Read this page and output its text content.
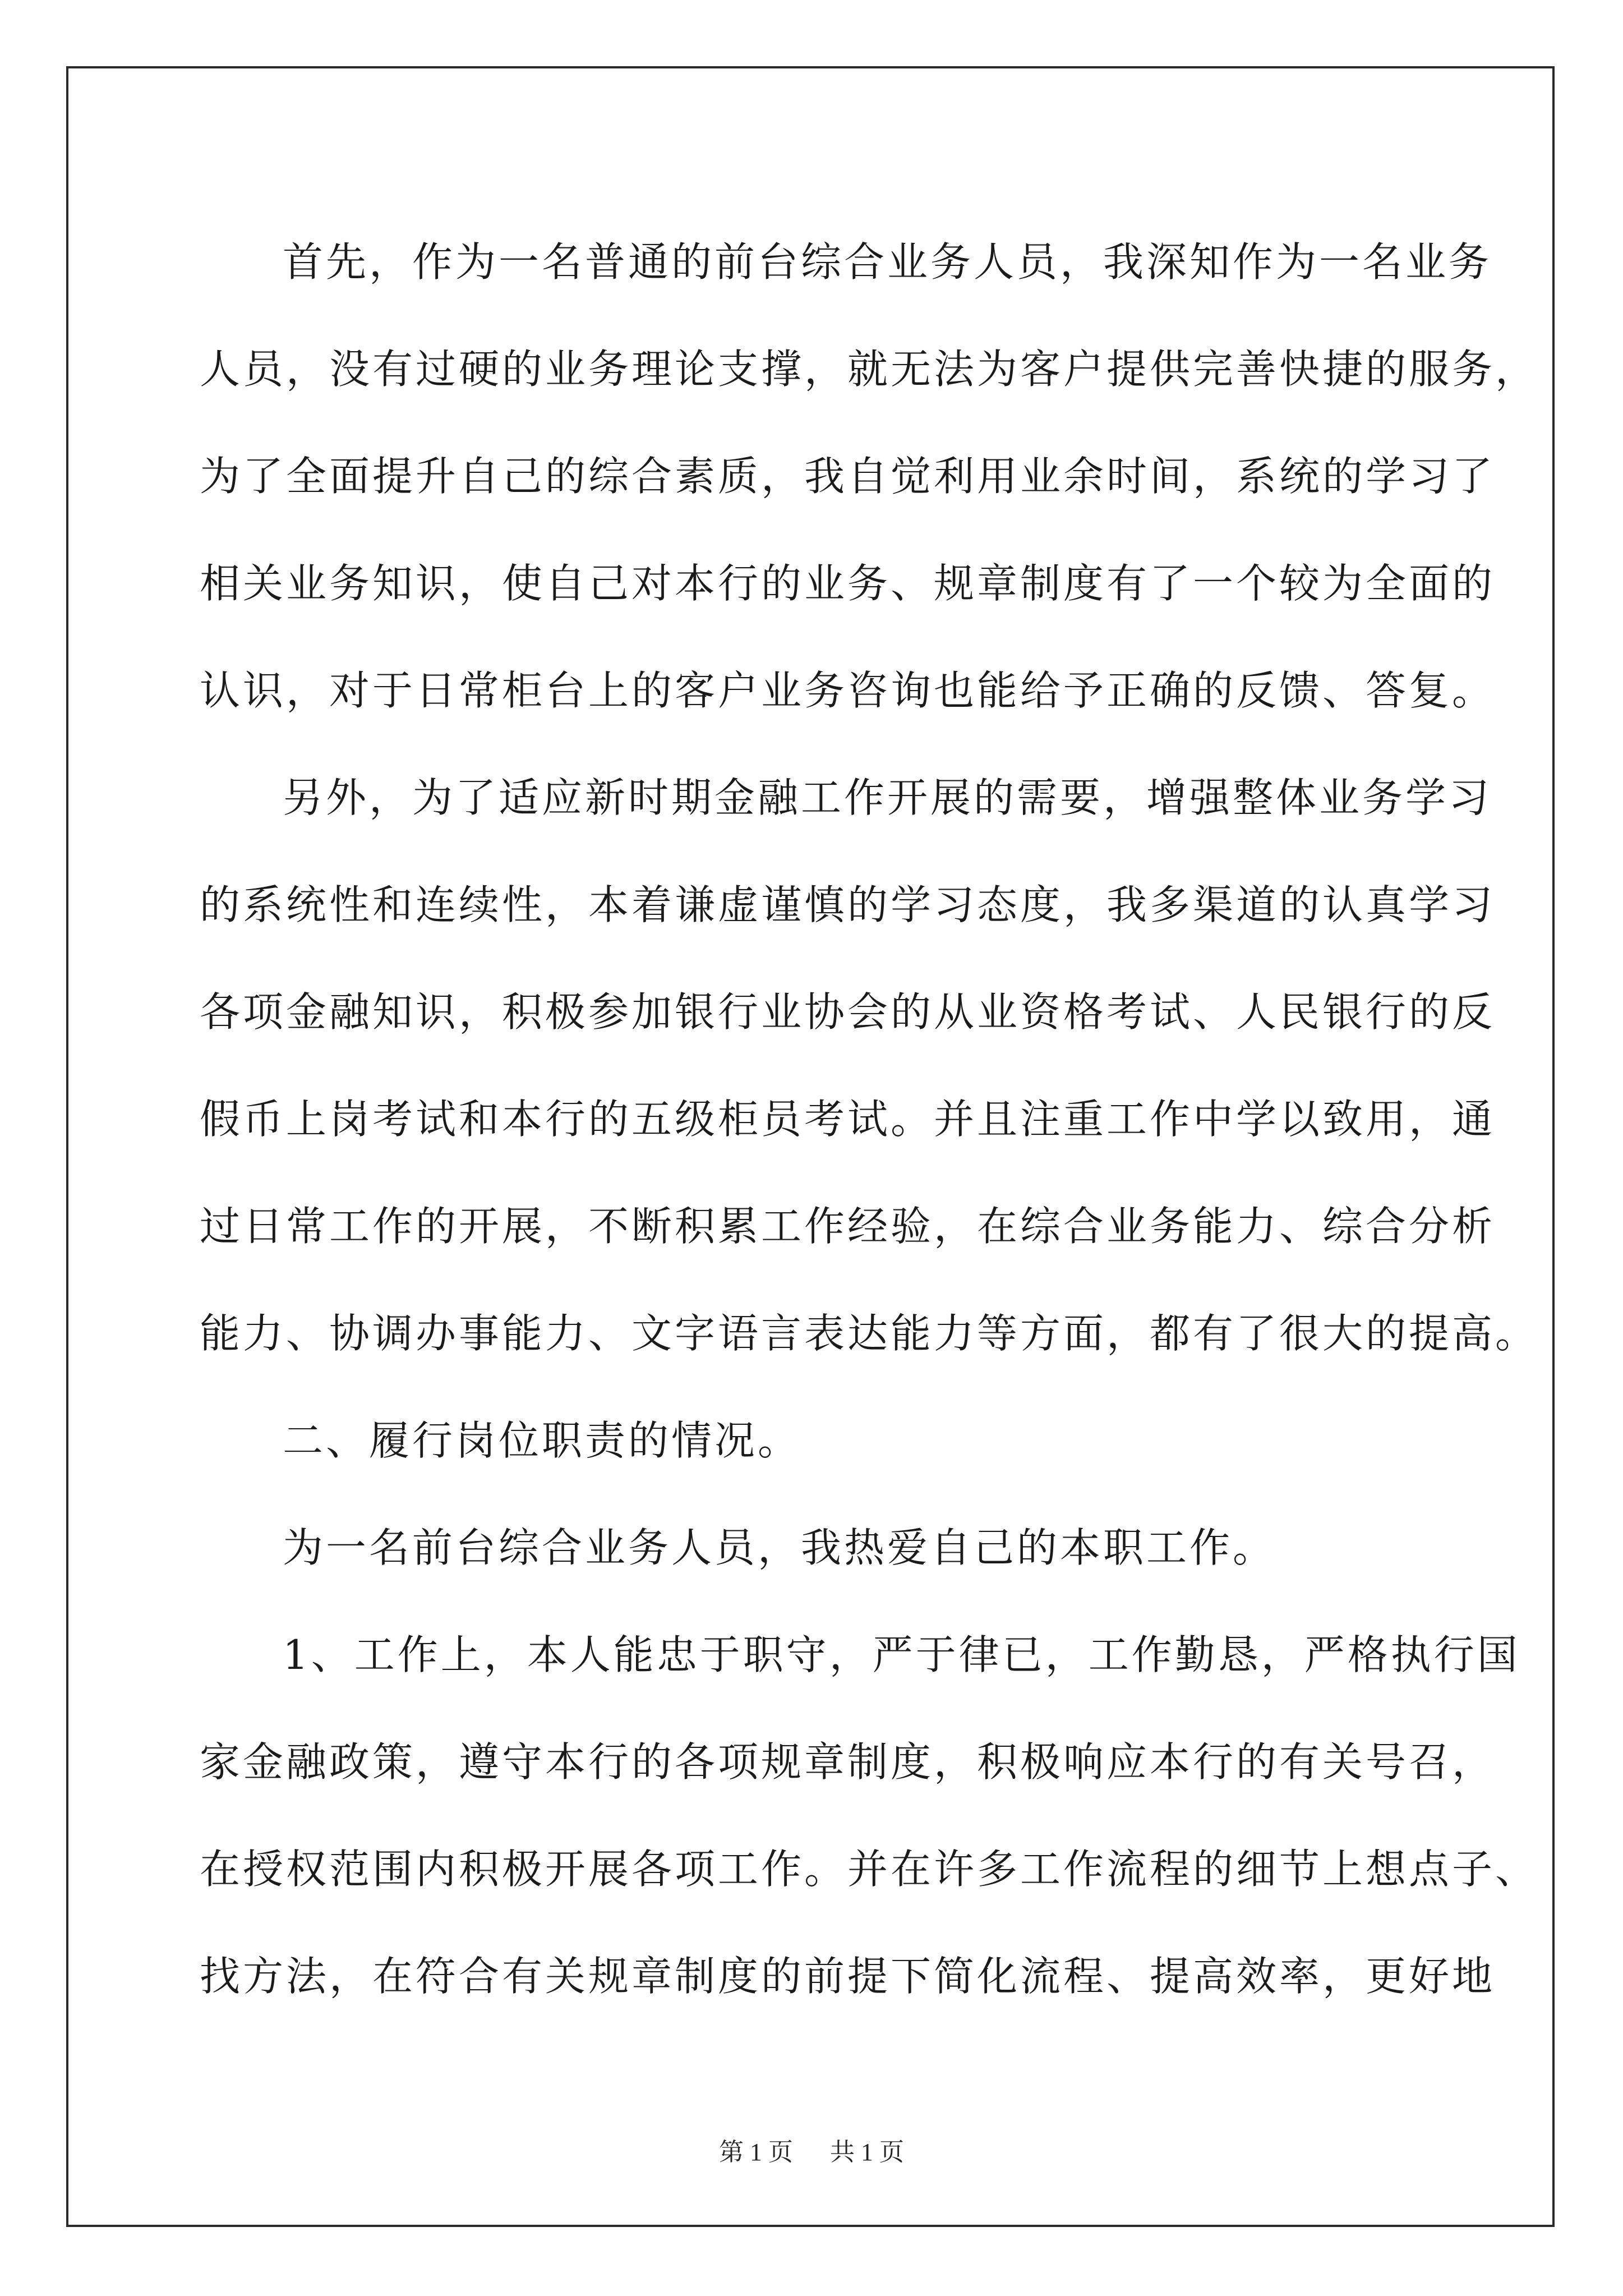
首先，作为一名普通的前台综合业务人员，我深知作为一名业务
人员，没有过硬的业务理论支撑，就无法为客户提供完善快捷的服务，
为了全面提升自己的综合素质，我自觉利用业余时间，系统的学习了
相关业务知识，使自己对本行的业务、规章制度有了一个较为全面的
认识，对于日常柜台上的客户业务咨询也能给予正确的反馈、答复。
另外，为了适应新时期金融工作开展的需要，增强整体业务学习
的系统性和连续性，本着谦虚谨慎的学习态度，我多渠道的认真学习
各项金融知识，积极参加银行业协会的从业资格考试、人民银行的反
假币上岗考试和本行的五级柜员考试。并且注重工作中学以致用，通
过日常工作的开展，不断积累工作经验，在综合业务能力、综合分析
能力、协调办事能力、文字语言表达能力等方面，都有了很大的提高。
二、履行岗位职责的情况。
为一名前台综合业务人员，我热爱自己的本职工作。
1、工作上，本人能忠于职守，严于律已，工作勤恳，严格执行国
家金融政策，遵守本行的各项规章制度，积极响应本行的有关号召，
在授权范围内积极开展各项工作。并在许多工作流程的细节上想点子、
找方法，在符合有关规章制度的前提下简化流程、提高效率，更好地
第 1 页 共 1 页
